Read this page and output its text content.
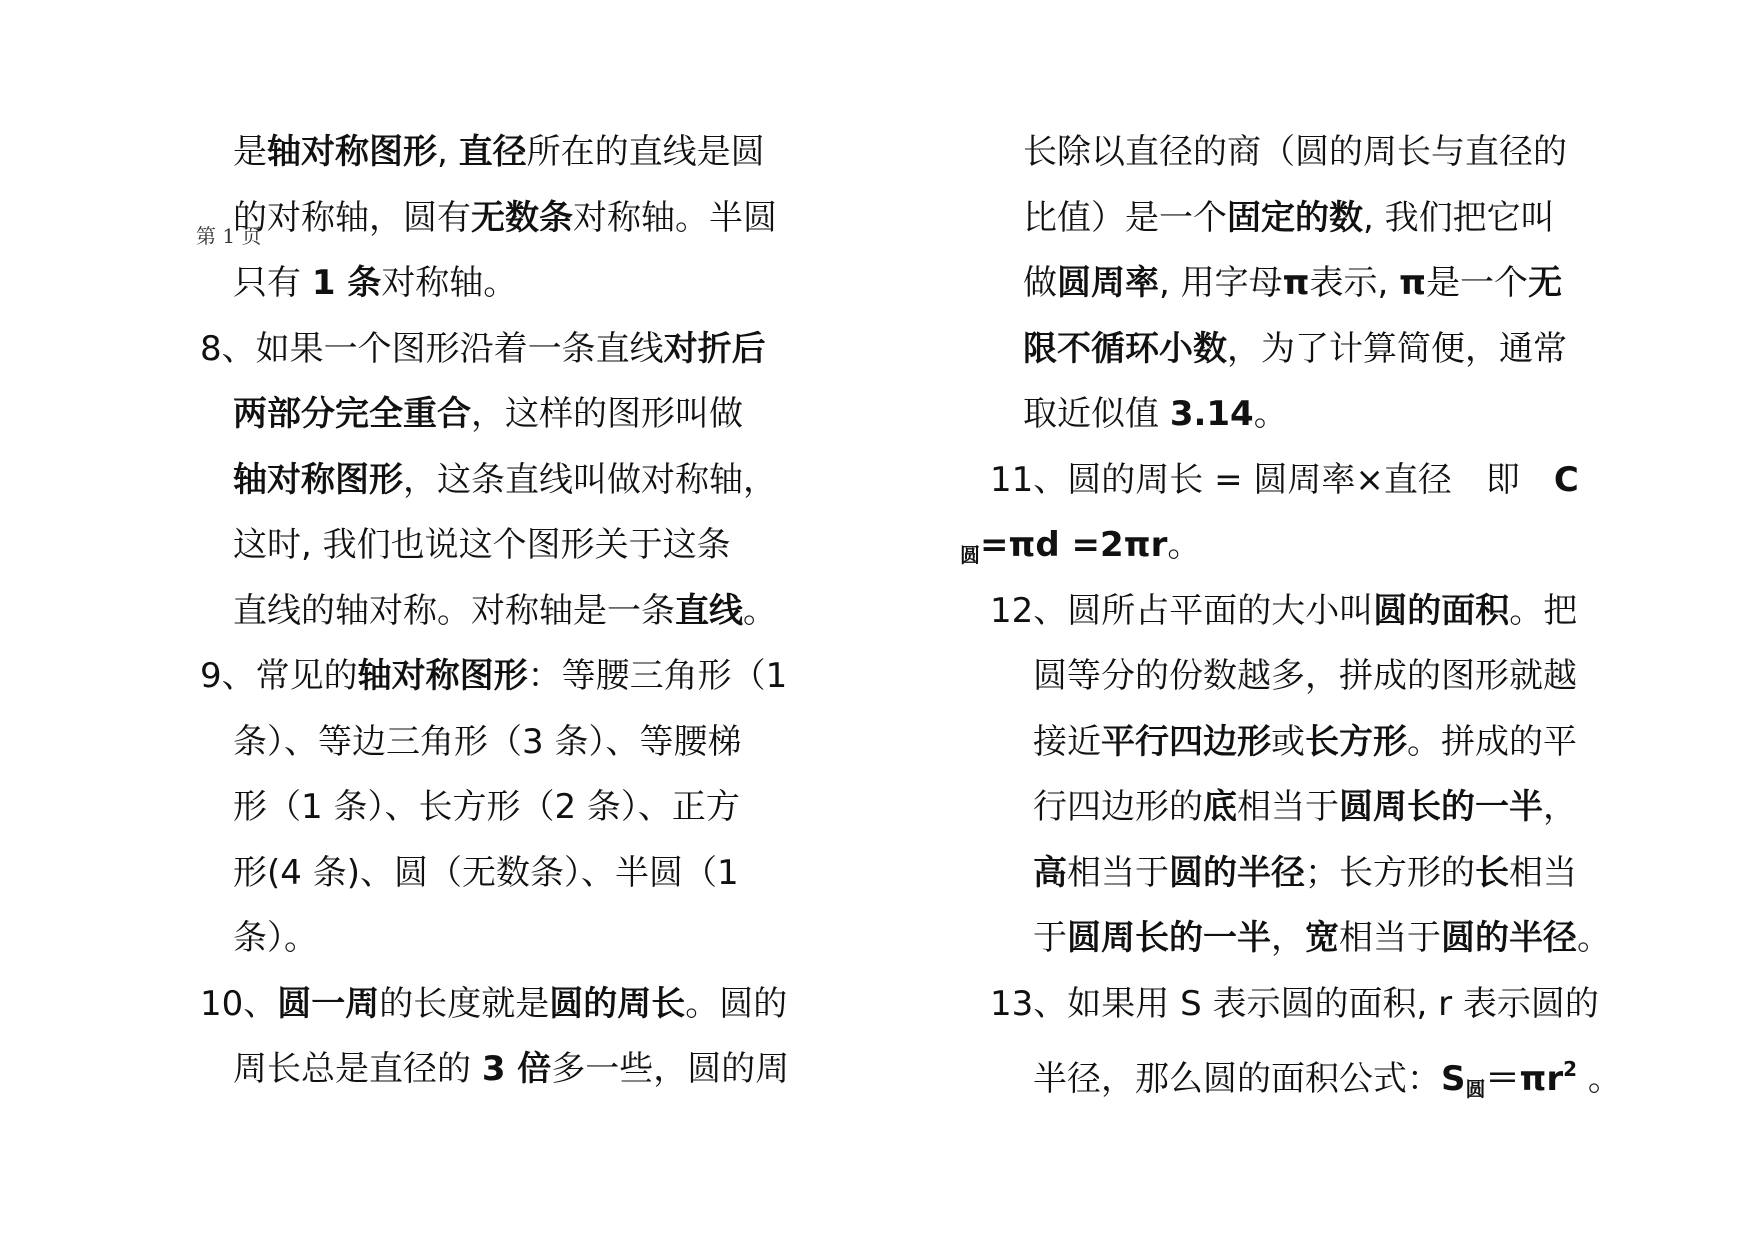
第 1 页
是轴对称图形, 直径所在的直线是圆
的对称轴，圆有无数条对称轴。半圆
只有 1 条对称轴。
8、如果一个图形沿着一条直线对折后
两部分完全重合，这样的图形叫做
轴对称图形，这条直线叫做对称轴，
这时, 我们也说这个图形关于这条
直线的轴对称。对称轴是一条直线。
9、常见的轴对称图形：等腰三角形（1
条）、等边三角形（3 条）、等腰梯
形（1 条）、长方形（2 条）、正方
形(4 条)、圆（无数条）、半圆（1
条）。
10、圆一周的长度就是圆的周长。圆的
周长总是直径的 3 倍多一些，圆的周
长除以直径的商（圆的周长与直径的
比值）是一个固定的数, 我们把它叫
做圆周率, 用字母π表示, π是一个无
限不循环小数，为了计算简便，通常
取近似值 3.14。
11、圆的周长 = 圆周率×直径　即　C
$_圆$=πd =2πr。
12、圆所占平面的大小叫圆的面积。把
圆等分的份数越多，拼成的图形就越
接近平行四边形或长方形。拼成的平
行四边形的底相当于圆周长的一半，
高相当于圆的半径；长方形的长相当
于圆周长的一半，宽相当于圆的半径。
13、如果用 S 表示圆的面积, r 表示圆的
半径，那么圆的面积公式：$S_圆=\pi r^2$ 。
